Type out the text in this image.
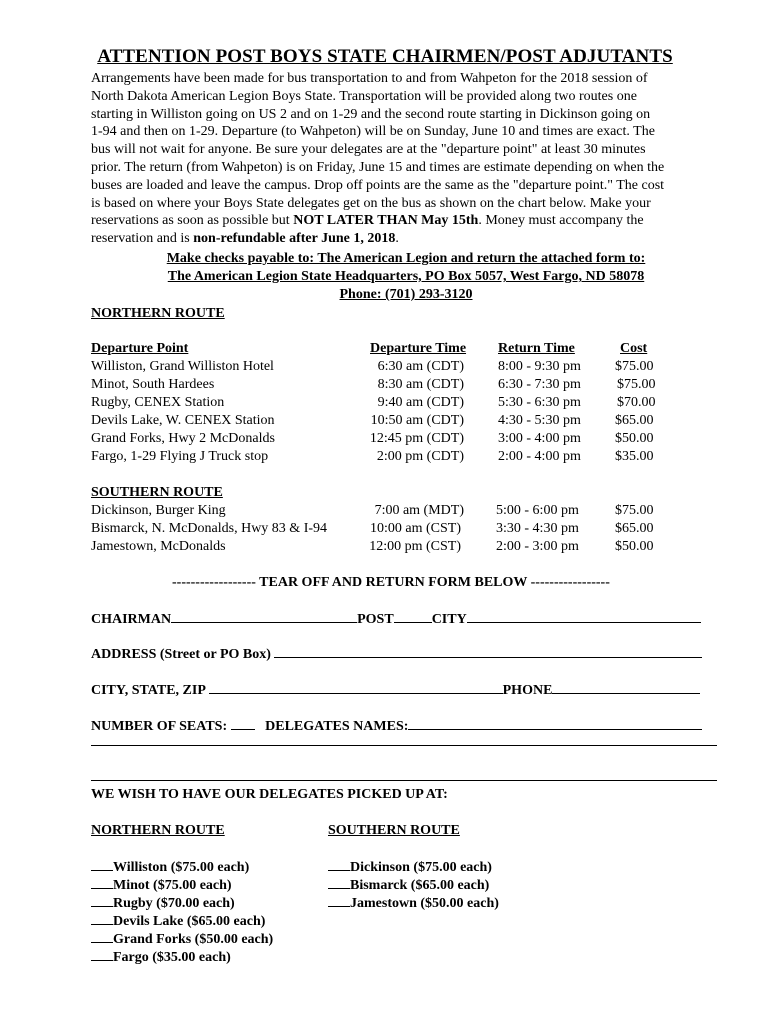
ATTENTION POST BOYS STATE CHAIRMEN/POST ADJUTANTS
Arrangements have been made for bus transportation to and from Wahpeton for the 2018 session of
North Dakota American Legion Boys State. Transportation will be provided along two routes one
starting in Williston going on US 2 and on 1-29 and the second route starting in Dickinson going on
1-94 and then on 1-29. Departure (to Wahpeton) will be on Sunday, June 10 and times are exact. The
bus will not wait for anyone. Be sure your delegates are at the "departure point" at least 30 minutes
prior. The return (from Wahpeton) is on Friday, June 15 and times are estimate depending on when the
buses are loaded and leave the campus. Drop off points are the same as the "departure point." The cost
is based on where your Boys State delegates get on the bus as shown on the chart below. Make your
reservations as soon as possible but NOT LATER THAN May 15th. Money must accompany the
reservation and is non-refundable after June 1, 2018.
Make checks payable to: The American Legion and return the attached form to:
The American Legion State Headquarters, PO Box 5057, West Fargo, ND 58078
Phone: (701) 293-3120
NORTHERN ROUTE
Departure Point	Departure Time Return Time	Cost
Williston, Grand Williston Hotel	6:30 am (CDT) 8:00 - 9:30 pm $75.00
Minot, South Hardees	8:30 am (CDT) 6:30 - 7:30 pm	$75.00
Rugby, CENEX Station	9:40 am (CDT) 5:30 - 6:30 pm	$70.00
Devils Lake, W. CENEX Station	10:50 am (CDT) 4:30 - 5:30 pm $65.00
Grand Forks, Hwy 2 McDonalds	12:45 pm (CDT) 3:00 - 4:00 pm $50.00
Fargo, 1-29 Flying J Truck stop	2:00 pm (CDT) 2:00 - 4:00 pm $35.00
SOUTHERN ROUTE
Dickinson, Burger King	7:00 am (MDT) 5:00 - 6:00 pm	$75.00
Bismarck, N. McDonalds, Hwy 83 & I-94	10:00 am (CST)	3:30 - 4:30 pm	$65.00
Jamestown, McDonalds	12:00 pm (CST)	2:00 - 3:00 pm	$50.00
------------------ TEAR OFF AND RETURN FORM BELOW -----------------
CHAIRMAN	POST	CITY
ADDRESS (Street or PO Box)
CITY, STATE, ZIP	PHONE
NUMBER OF SEATS:	DELEGATES NAMES:
WE WISH TO HAVE OUR DELEGATES PICKED UP AT:
NORTHERN ROUTE	SOUTHERN ROUTE
Williston ($75.00 each)
Minot ($75.00 each)
Rugby ($70.00 each)
Devils Lake ($65.00 each)
Grand Forks ($50.00 each)
Fargo ($35.00 each)
Dickinson ($75.00 each)
Bismarck ($65.00 each)
Jamestown ($50.00 each)
